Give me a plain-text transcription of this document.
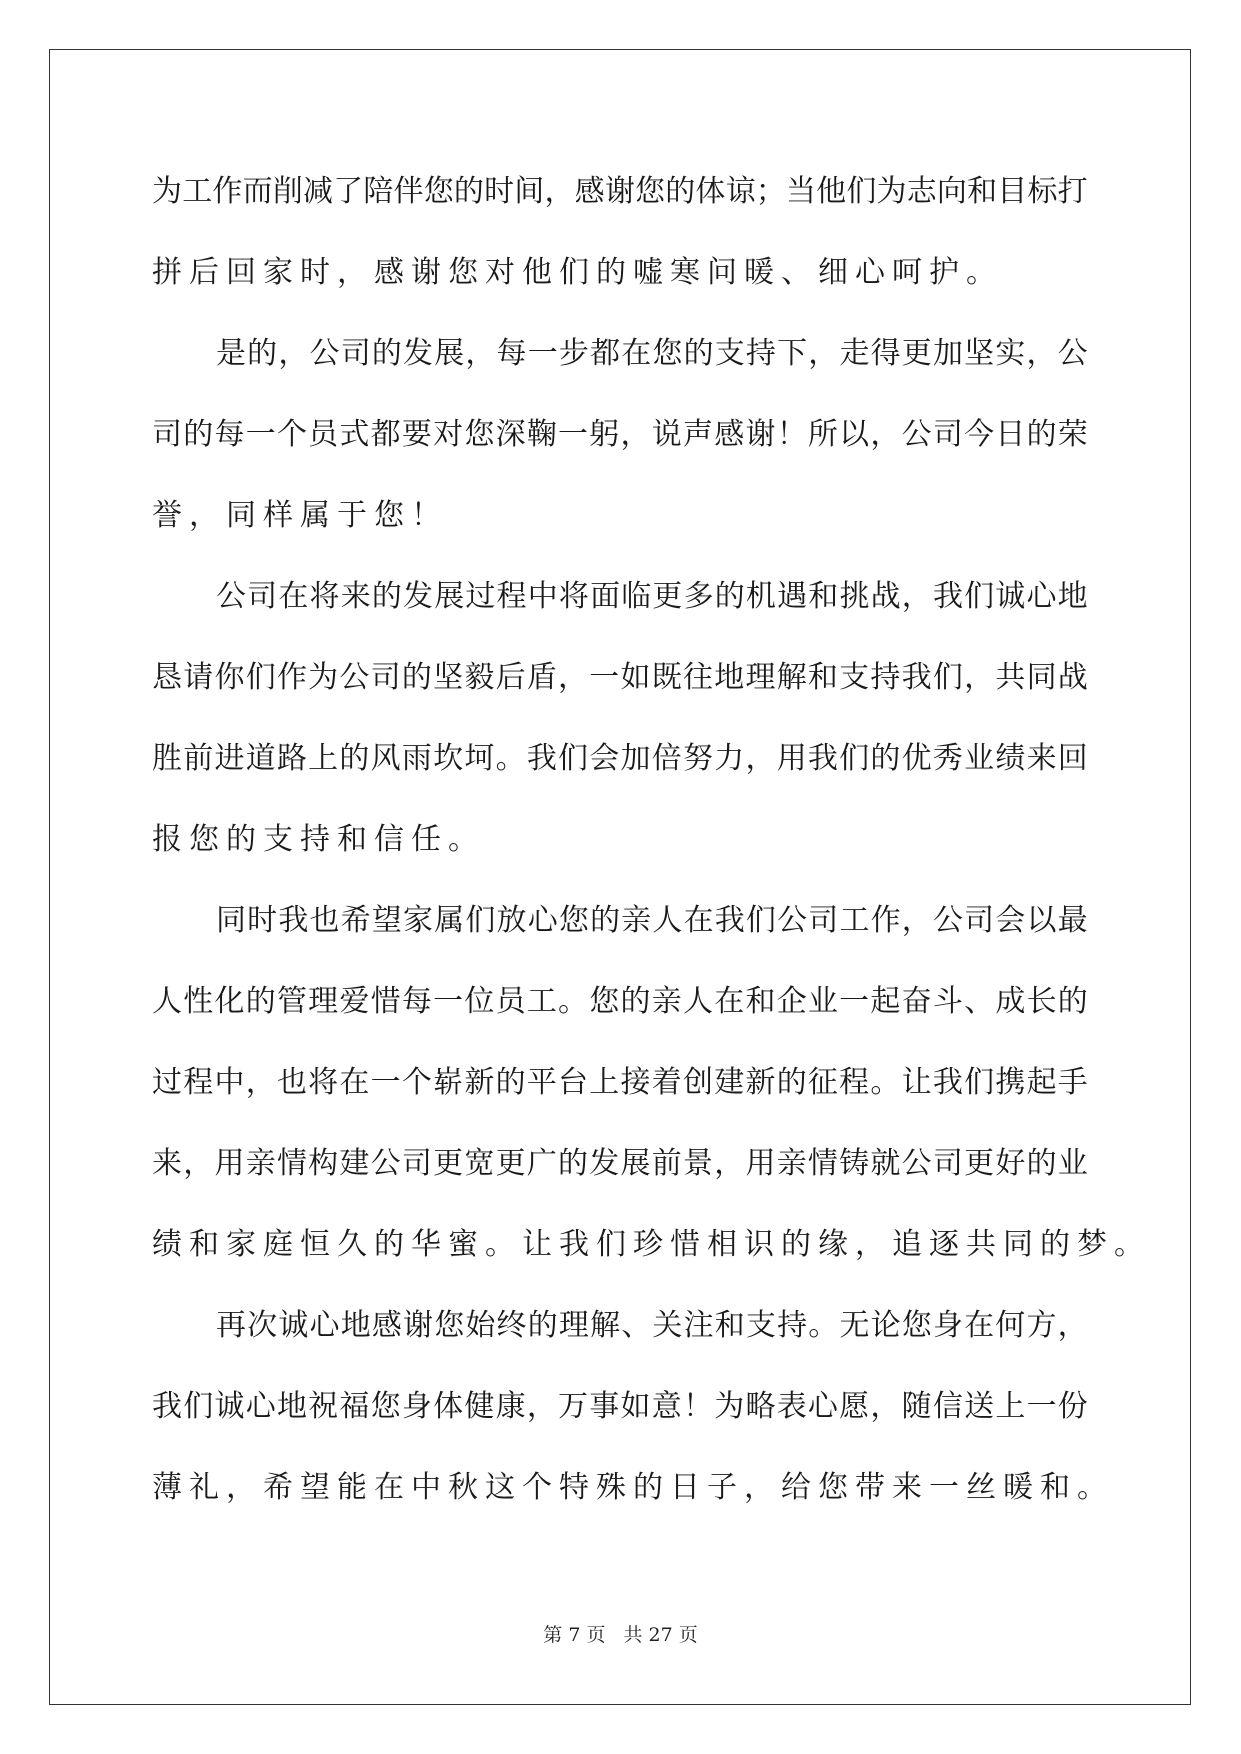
为 工 作 而 削 减 了 陪 伴 您 的 时 间 ， 感 谢 您 的 体 谅 ； 当 他 们 为 志 向 和 目 标 打
拼后回家时，感谢您对他们的嘘寒问暖、细心呵护。
是 的 ， 公 司 的 发 展 ， 每 一 步 都 在 您 的 支 持 下 ， 走 得 更 加 坚 实 ， 公
司 的 每 一 个 员 式 都 要 对 您 深 鞠 一 躬 ， 说 声 感 谢 ！ 所 以 ， 公 司 今 日 的 荣
誉，同样属于您！
公 司 在 将 来 的 发 展 过 程 中 将 面 临 更 多 的 机 遇 和 挑 战 ， 我 们 诚 心 地
恳 请 你 们 作 为 公 司 的 坚 毅 后 盾 ， 一 如 既 往 地 理 解 和 支 持 我 们 ， 共 同 战
胜 前 进 道 路 上 的 风 雨 坎 坷 。 我 们 会 加 倍 努 力 ， 用 我 们 的 优 秀 业 绩 来 回
报您的支持和信任。
同 时 我 也 希 望 家 属 们 放 心 您 的 亲 人 在 我 们 公 司 工 作 ， 公 司 会 以 最
人 性 化 的 管 理 爱 惜 每 一 位 员 工 。 您 的 亲 人 在 和 企 业 一 起 奋 斗 、 成 长 的
过 程 中 ， 也 将 在 一 个 崭 新 的 平 台 上 接 着 创 建 新 的 征 程 。 让 我 们 携 起 手
来 ， 用 亲 情 构 建 公 司 更 宽 更 广 的 发 展 前 景 ， 用 亲 情 铸 就 公 司 更 好 的 业
绩和家庭恒久的华蜜。让我们珍惜相识的缘，追逐共同的梦。
再 次 诚 心 地 感 谢 您 始 终 的 理 解 、 关 注 和 支 持 。 无 论 您 身 在 何 方 ，
我 们 诚 心 地 祝 福 您 身 体 健 康 ， 万 事 如 意 ！ 为 略 表 心 愿 ， 随 信 送 上 一 份
薄礼，希望能在中秋这个特殊的日子，给您带来一丝暖和。
第 7 页 共 27 页
